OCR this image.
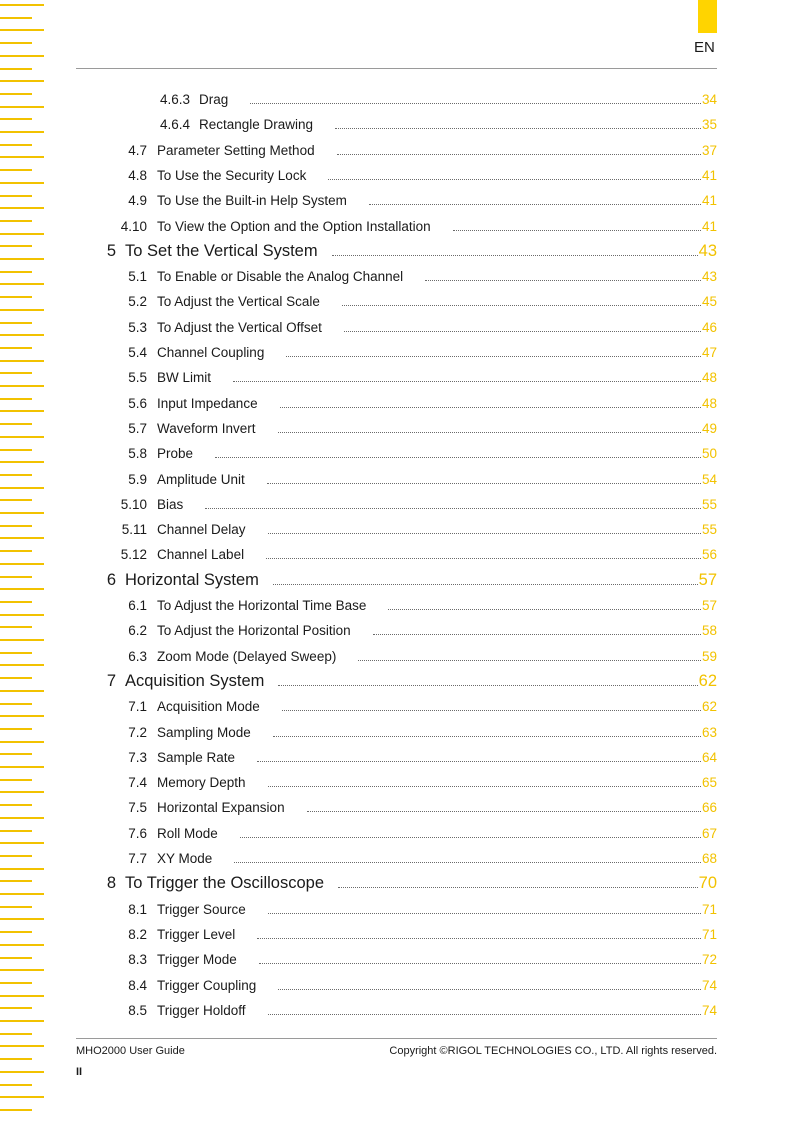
EN
4.6.3 Drag	34
4.6.4 Rectangle Drawing	35
4.7 Parameter Setting Method	37
4.8 To Use the Security Lock	41
4.9 To Use the Built-in Help System	41
4.10 To View the Option and the Option Installation	41
5 To Set the Vertical System	43
5.1 To Enable or Disable the Analog Channel	43
5.2 To Adjust the Vertical Scale	45
5.3 To Adjust the Vertical Offset	46
5.4 Channel Coupling	47
5.5 BW Limit	48
5.6 Input Impedance	48
5.7 Waveform Invert	49
5.8 Probe	50
5.9 Amplitude Unit	54
5.10 Bias	55
5.11 Channel Delay	55
5.12 Channel Label	56
6 Horizontal System	57
6.1 To Adjust the Horizontal Time Base	57
6.2 To Adjust the Horizontal Position	58
6.3 Zoom Mode (Delayed Sweep)	59
7 Acquisition System	62
7.1 Acquisition Mode	62
7.2 Sampling Mode	63
7.3 Sample Rate	64
7.4 Memory Depth	65
7.5 Horizontal Expansion	66
7.6 Roll Mode	67
7.7 XY Mode	68
8 To Trigger the Oscilloscope	70
8.1 Trigger Source	71
8.2 Trigger Level	71
8.3 Trigger Mode	72
8.4 Trigger Coupling	74
8.5 Trigger Holdoff	74
MHO2000 User Guide	Copyright ©RIGOL TECHNOLOGIES CO., LTD. All rights reserved.
II
